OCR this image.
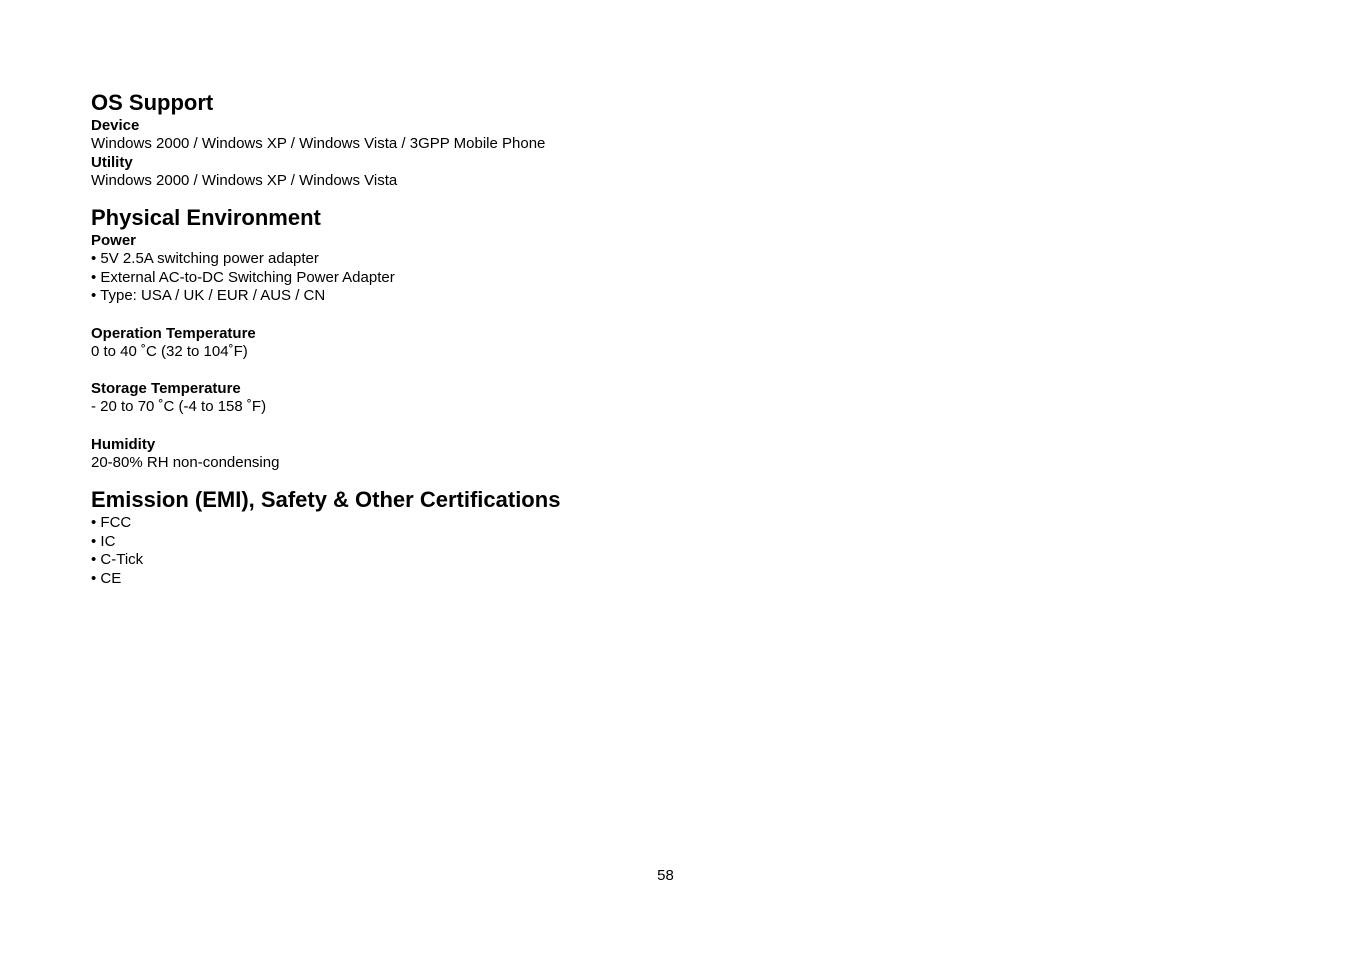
OS Support
Device
Windows 2000 / Windows XP / Windows Vista / 3GPP Mobile Phone
Utility
Windows 2000 / Windows XP / Windows Vista
Physical Environment
Power
• 5V 2.5A switching power adapter
• External AC-to-DC Switching Power Adapter
• Type: USA / UK / EUR / AUS / CN
Operation Temperature
0 to 40 ˚C (32 to 104˚F)
Storage Temperature
- 20 to 70 ˚C (-4 to 158 ˚F)
Humidity
20-80% RH non-condensing
Emission (EMI), Safety & Other Certifications
• FCC
• IC
• C-Tick
• CE
58
